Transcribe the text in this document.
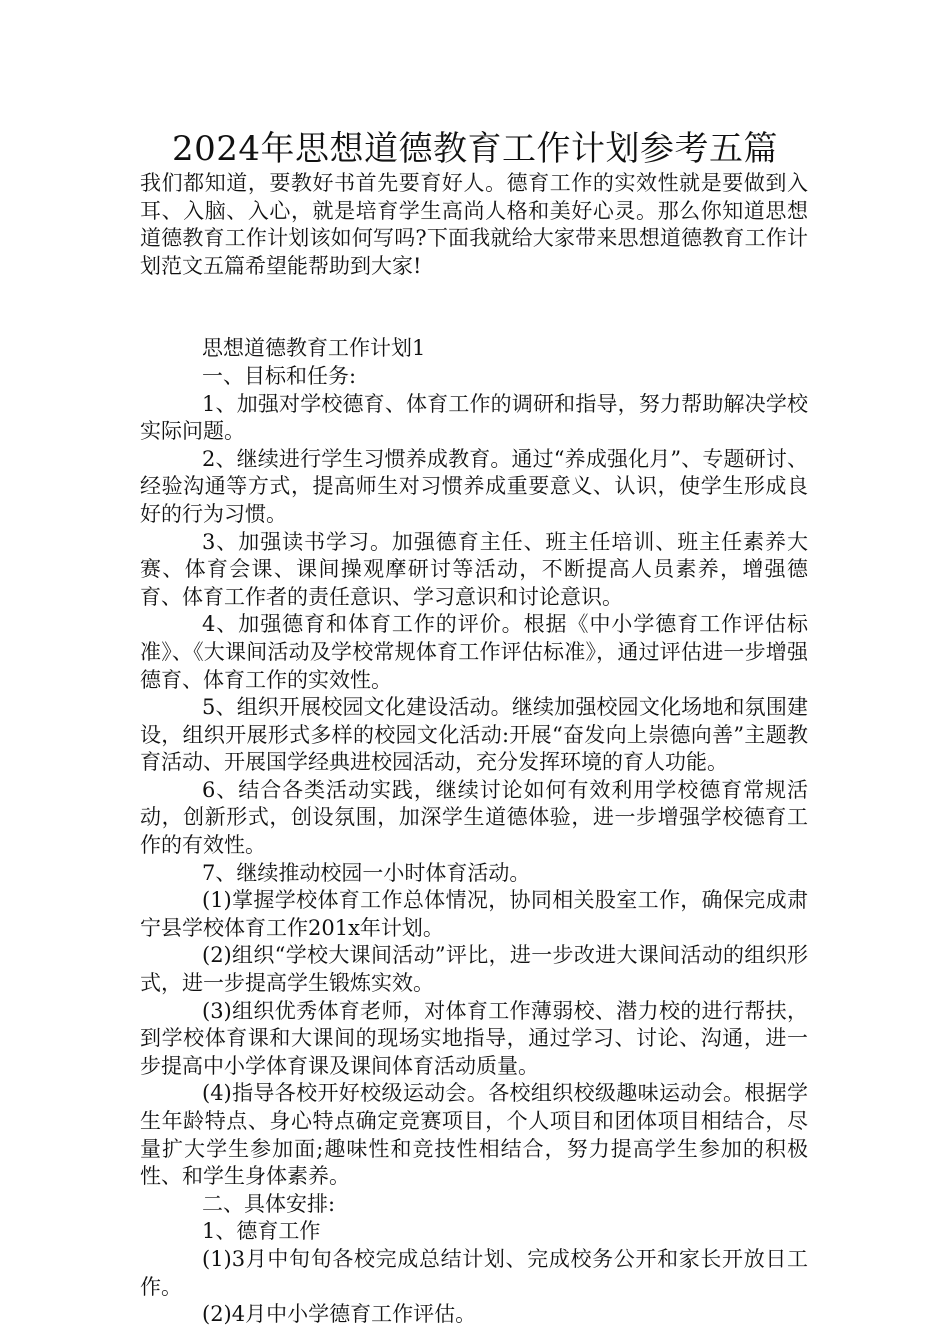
2024年思想道德教育工作计划参考五篇

我们都知道，要教好书首先要育好人。德育工作的实效性就是要做到入耳、入脑、入心，就是培育学生高尚人格和美好心灵。那么你知道思想道德教育工作计划该如何写吗?下面我就给大家带来思想道德教育工作计划范文五篇希望能帮助到大家!

思想道德教育工作计划1

一、目标和任务:

1、加强对学校德育、体育工作的调研和指导，努力帮助解决学校实际问题。

2、继续进行学生习惯养成教育。通过“养成强化月”、专题研讨、经验沟通等方式，提高师生对习惯养成重要意义、认识，使学生形成良好的行为习惯。

3、加强读书学习。加强德育主任、班主任培训、班主任素养大赛、体育会课、课间操观摩研讨等活动，不断提高人员素养，增强德育、体育工作者的责任意识、学习意识和讨论意识。

4、加强德育和体育工作的评价。根据《中小学德育工作评估标准》、《大课间活动及学校常规体育工作评估标准》，通过评估进一步增强德育、体育工作的实效性。

5、组织开展校园文化建设活动。继续加强校园文化场地和氛围建设，组织开展形式多样的校园文化活动:开展“奋发向上崇德向善”主题教育活动、开展国学经典进校园活动，充分发挥环境的育人功能。

6、结合各类活动实践，继续讨论如何有效利用学校德育常规活动，创新形式，创设氛围，加深学生道德体验，进一步增强学校德育工作的有效性。

7、继续推动校园一小时体育活动。

(1)掌握学校体育工作总体情况，协同相关股室工作，确保完成肃宁县学校体育工作201x年计划。

(2)组织“学校大课间活动”评比，进一步改进大课间活动的组织形式，进一步提高学生锻炼实效。

(3)组织优秀体育老师，对体育工作薄弱校、潜力校的进行帮扶，到学校体育课和大课间的现场实地指导，通过学习、讨论、沟通，进一步提高中小学体育课及课间体育活动质量。

(4)指导各校开好校级运动会。各校组织校级趣味运动会。根据学生年龄特点、身心特点确定竞赛项目，个人项目和团体项目相结合，尽量扩大学生参加面;趣味性和竞技性相结合，努力提高学生参加的积极性、和学生身体素养。

二、具体安排:

1、德育工作

(1)3月中旬旬各校完成总结计划、完成校务公开和家长开放日工作。

(2)4月中小学德育工作评估。
